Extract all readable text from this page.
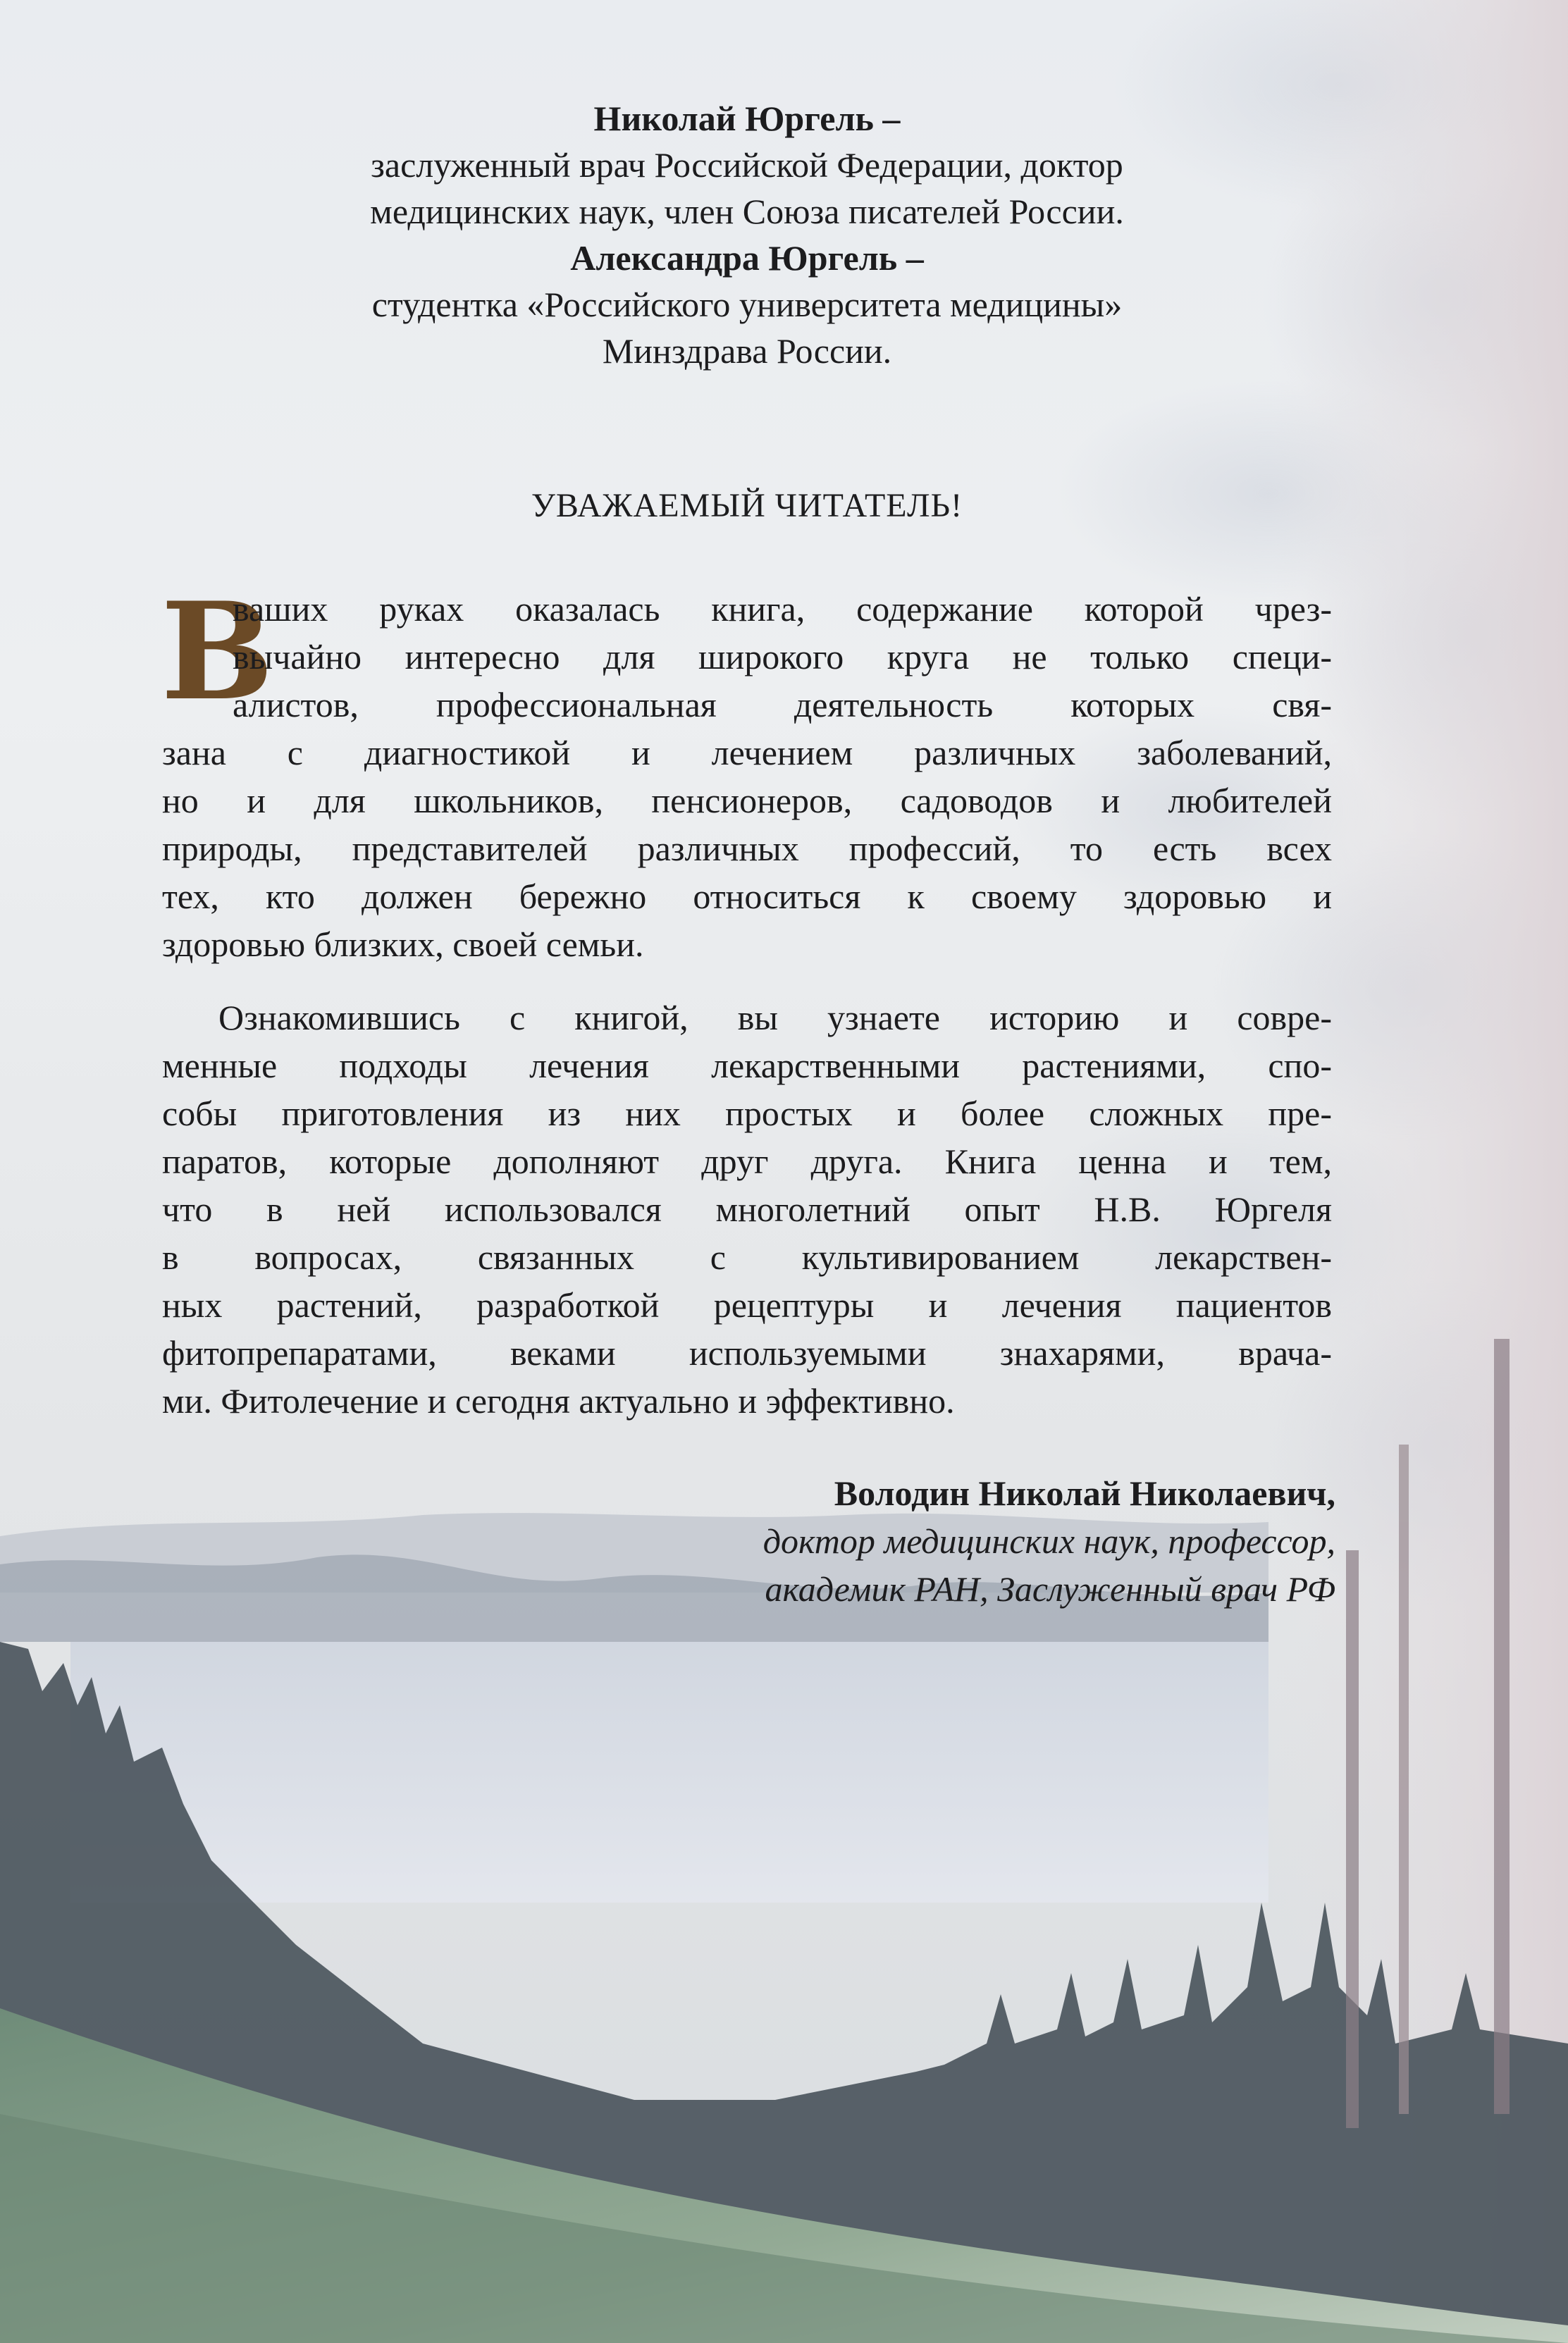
Николай Юргель –
заслуженный врач Российской Федерации, доктор
медицинских наук, член Союза писателей России.
Александра Юргель –
студентка «Российского университета медицины»
Минздрава России.
УВАЖАЕМЫЙ ЧИТАТЕЛЬ!
В
ваших руках оказалась книга, содержание которой чрез-
вычайно интересно для широкого круга не только специ-
алистов, профессиональная деятельность которых свя-
зана с диагностикой и лечением различных заболеваний,
но и для школьников, пенсионеров, садоводов и любителей
природы, представителей различных профессий, то есть всех
тех, кто должен бережно относиться к своему здоровью и
здоровью близких, своей семьи.
Ознакомившись с книгой, вы узнаете историю и совре-
менные подходы лечения лекарственными растениями, спо-
собы приготовления из них простых и более сложных пре-
паратов, которые дополняют друг друга. Книга ценна и тем,
что в ней использовался многолетний опыт Н.В. Юргеля
в вопросах, связанных с культивированием лекарствен-
ных растений, разработкой рецептуры и лечения пациентов
фитопрепаратами, веками используемыми знахарями, врача-
ми. Фитолечение и сегодня актуально и эффективно.
Володин Николай Николаевич,
доктор медицинских наук, профессор,
академик РАН, Заслуженный врач РФ
